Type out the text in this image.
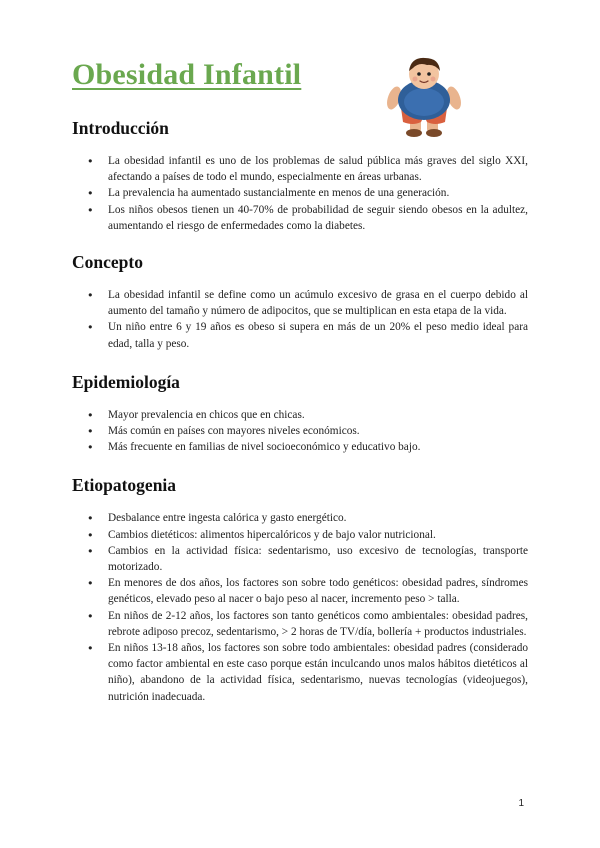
Obesidad Infantil
Introducción
● La obesidad infantil es uno de los problemas de salud pública más graves del siglo XXI, afectando a países de todo el mundo, especialmente en áreas urbanas.
● La prevalencia ha aumentado sustancialmente en menos de una generación.
● Los niños obesos tienen un 40-70% de probabilidad de seguir siendo obesos en la adultez, aumentando el riesgo de enfermedades como la diabetes.
Concepto
● La obesidad infantil se define como un acúmulo excesivo de grasa en el cuerpo debido al aumento del tamaño y número de adipocitos, que se multiplican en esta etapa de la vida.
● Un niño entre 6 y 19 años es obeso si supera en más de un 20% el peso medio ideal para edad, talla y peso.
Epidemiología
● Mayor prevalencia en chicos que en chicas.
● Más común en países con mayores niveles económicos.
● Más frecuente en familias de nivel socioeconómico y educativo bajo.
Etiopatogenia
● Desbalance entre ingesta calórica y gasto energético.
● Cambios dietéticos: alimentos hipercalóricos y de bajo valor nutricional.
● Cambios en la actividad física: sedentarismo, uso excesivo de tecnologías, transporte motorizado.
● En menores de dos años, los factores son sobre todo genéticos: obesidad padres, síndromes genéticos, elevado peso al nacer o bajo peso al nacer, incremento peso > talla.
● En niños de 2-12 años, los factores son tanto genéticos como ambientales: obesidad padres, rebrote adiposo precoz, sedentarismo, > 2 horas de TV/día, bollería + productos industriales.
● En niños 13-18 años, los factores son sobre todo ambientales: obesidad padres (considerado como factor ambiental en este caso porque están inculcando unos malos hábitos dietéticos al niño), abandono de la actividad física, sedentarismo, nuevas tecnologías (videojuegos), nutrición inadecuada.
1
